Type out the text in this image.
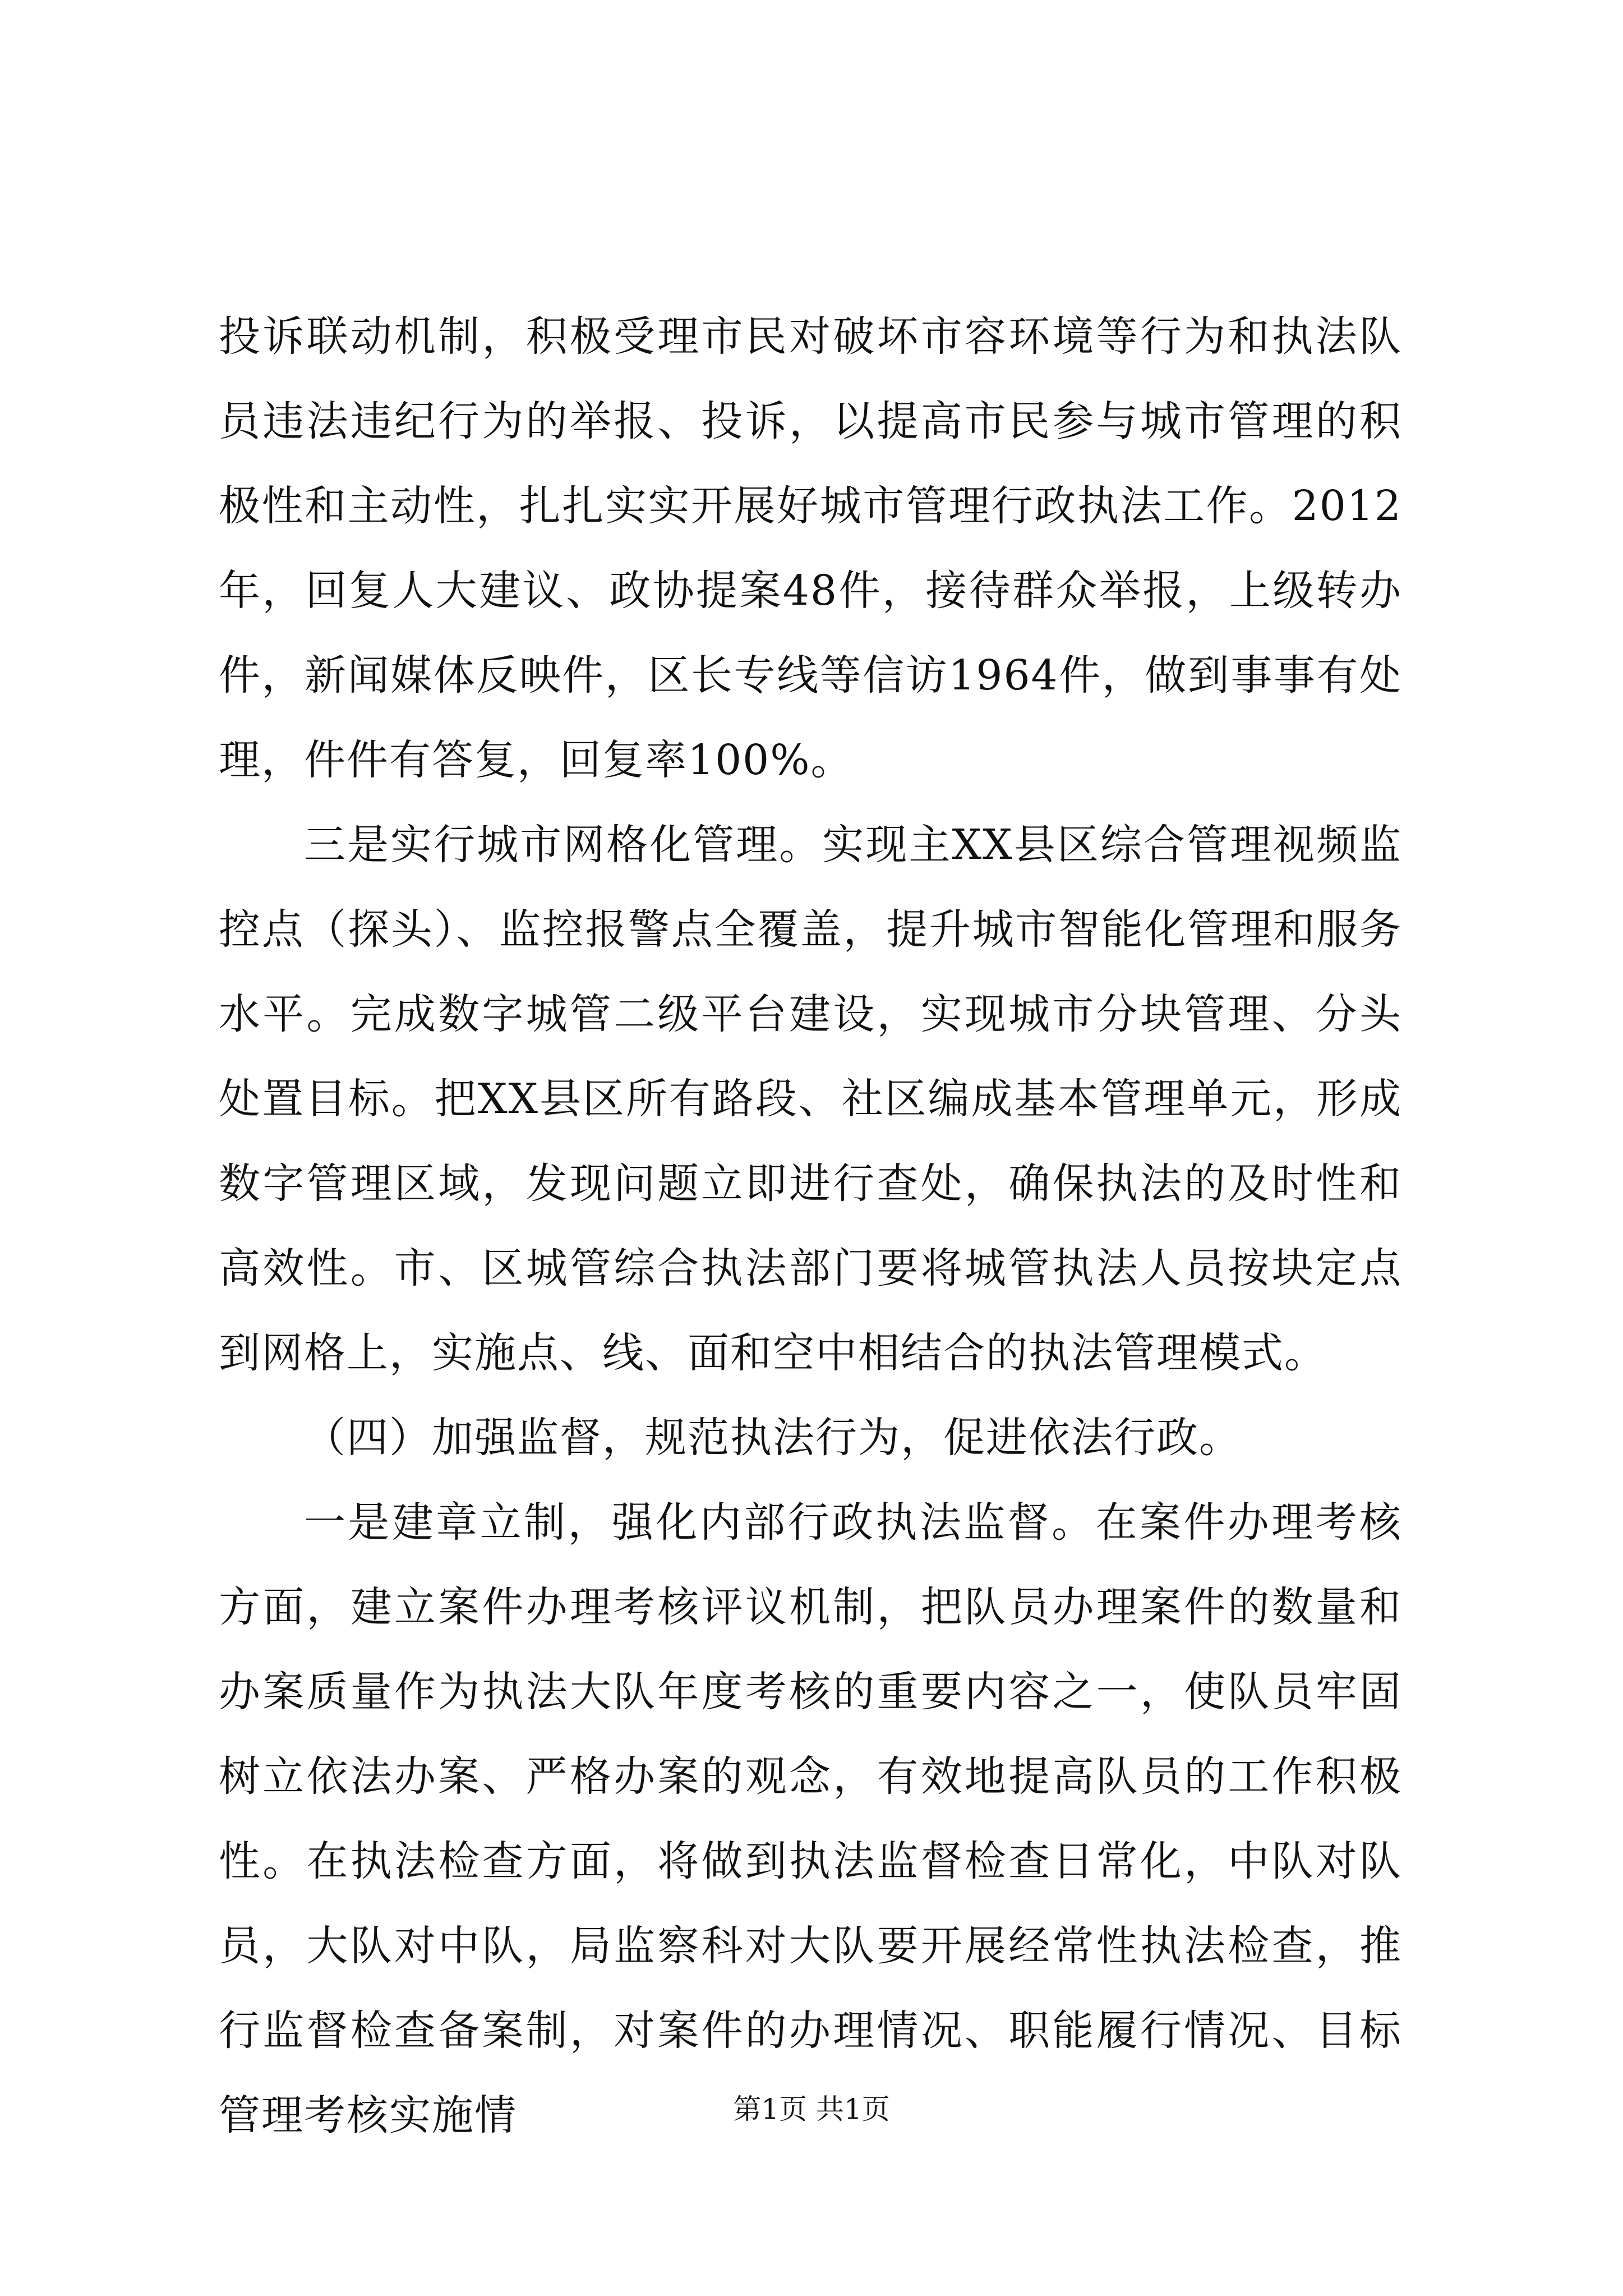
投诉联动机制，积极受理市民对破坏市容环境等行为和执法队员违法违纪行为的举报、投诉，以提高市民参与城市管理的积极性和主动性，扎扎实实开展好城市管理行政执法工作。2012年，回复人大建议、政协提案48件，接待群众举报，上级转办件，新闻媒体反映件，区长专线等信访1964件，做到事事有处理，件件有答复，回复率100%。

三是实行城市网格化管理。实现主XX县区综合管理视频监控点（探头）、监控报警点全覆盖，提升城市智能化管理和服务水平。完成数字城管二级平台建设，实现城市分块管理、分头处置目标。把XX县区所有路段、社区编成基本管理单元，形成数字管理区域，发现问题立即进行查处，确保执法的及时性和高效性。市、区城管综合执法部门要将城管执法人员按块定点到网格上，实施点、线、面和空中相结合的执法管理模式。

（四）加强监督，规范执法行为，促进依法行政。

一是建章立制，强化内部行政执法监督。在案件办理考核方面，建立案件办理考核评议机制，把队员办理案件的数量和办案质量作为执法大队年度考核的重要内容之一，使队员牢固树立依法办案、严格办案的观念，有效地提高队员的工作积极性。在执法检查方面，将做到执法监督检查日常化，中队对队员，大队对中队，局监察科对大队要开展经常性执法检查，推行监督检查备案制，对案件的办理情况、职能履行情况、目标管理考核实施情	第1页 共1页
